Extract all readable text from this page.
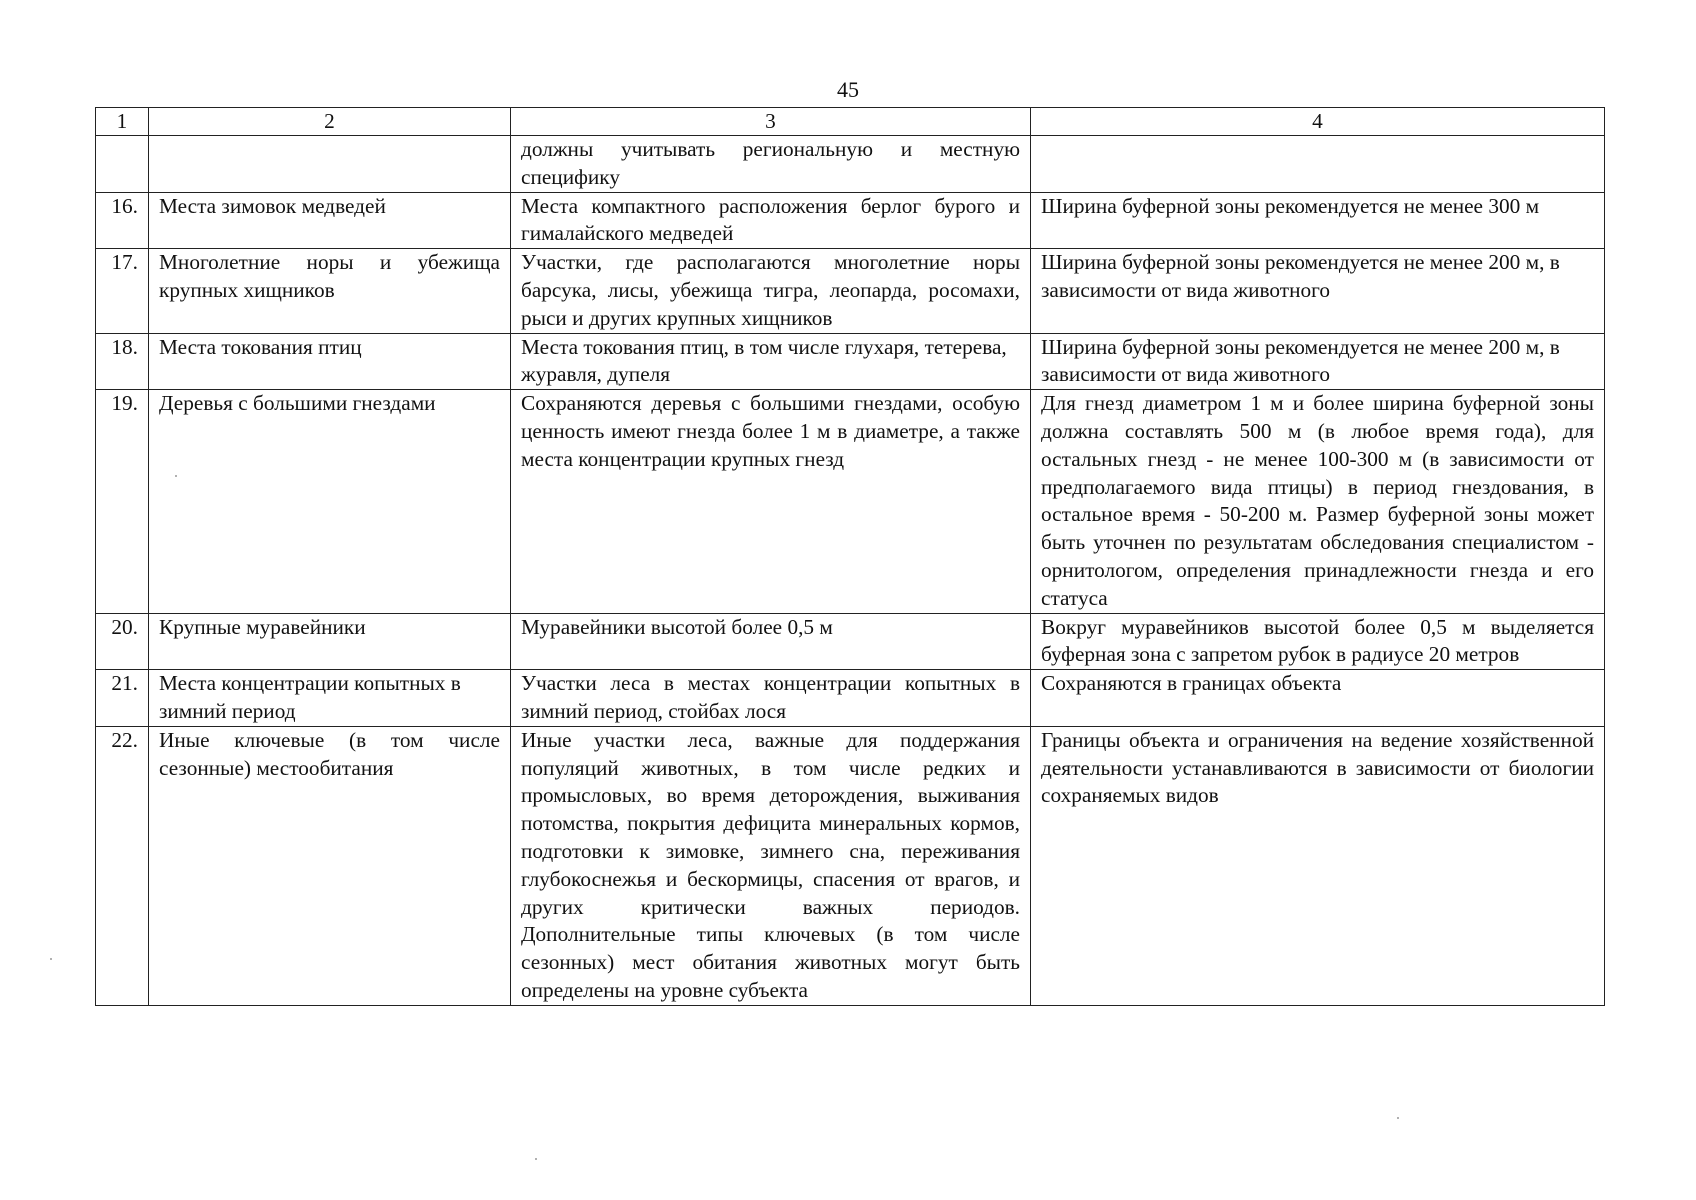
45
1	2	3	4
		должны учитывать региональную и местную специфику	
16.	Места зимовок медведей	Места компактного расположения берлог бурого и гималайского медведей	Ширина буферной зоны рекомендуется не менее 300 м
17.	Многолетние норы и убежища крупных хищников	Участки, где располагаются многолетние норы барсука, лисы, убежища тигра, леопарда, росомахи, рыси и других крупных хищников	Ширина буферной зоны рекомендуется не менее 200 м, в зависимости от вида животного
18.	Места токования птиц	Места токования птиц, в том числе глухаря, тетерева, журавля, дупеля	Ширина буферной зоны рекомендуется не менее 200 м, в зависимости от вида животного
19.	Деревья с большими гнездами	Сохраняются деревья с большими гнездами, особую ценность имеют гнезда более 1 м в диаметре, а также места концентрации крупных гнезд	Для гнезд диаметром 1 м и более ширина буферной зоны должна составлять 500 м (в любое время года), для остальных гнезд - не менее 100-300 м (в зависимости от предполагаемого вида птицы) в период гнездования, в остальное время - 50-200 м. Размер буферной зоны может быть уточнен по результатам обследования специалистом - орнитологом, определения принадлежности гнезда и его статуса
20.	Крупные муравейники	Муравейники высотой более 0,5 м	Вокруг муравейников высотой более 0,5 м выделяется буферная зона с запретом рубок в радиусе 20 метров
21.	Места концентрации копытных в зимний период	Участки леса в местах концентрации копытных в зимний период, стойбах лося	Сохраняются в границах объекта
22.	Иные ключевые (в том числе сезонные) местообитания	Иные участки леса, важные для поддержания популяций животных, в том числе редких и промысловых, во время деторождения, выживания потомства, покрытия дефицита минеральных кормов, подготовки к зимовке, зимнего сна, переживания глубокоснежья и бескормицы, спасения от врагов, и других критически важных периодов. Дополнительные типы ключевых (в том числе сезонных) мест обитания животных могут быть определены на уровне субъекта	Границы объекта и ограничения на ведение хозяйственной деятельности устанавливаются в зависимости от биологии сохраняемых видов
